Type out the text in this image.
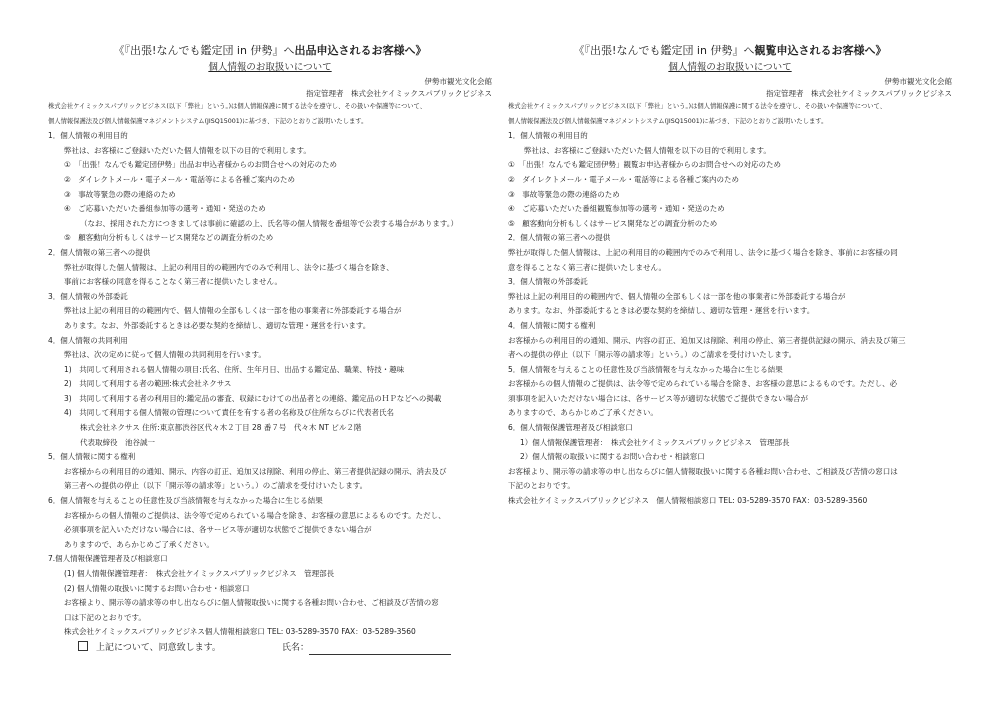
《『出張!なんでも鑑定団 in 伊勢』へ出品申込されるお客様へ》

個人情報のお取扱いについて

伊勢市観光文化会館
指定管理者　株式会社ケイミックスパブリックビジネス
株式会社ケイミックスパブリックビジネス(以下「弊社」という。)は個人情報保護に関する法令を遵守し、その扱いや保護等について、
個人情報保護法及び個人情報保護マネジメントシステム(JISQ15001)に基づき、下記のとおりご説明いたします。
1．個人情報の利用目的
弊社は、お客様にご登録いただいた個人情報を以下の目的で利用します。
①　「出張！なんでも鑑定団伊勢」出品お申込者様からのお問合せへの対応のため
②　ダイレクトメール・電子メール・電話等による各種ご案内のため
③　事故等緊急の際の連絡のため
④　ご応募いただいた番組参加等の選考・通知・発送のため
（なお、採用された方につきましては事前に確認の上、氏名等の個人情報を番組等で公表する場合があります。）
⑤　顧客動向分析もしくはサービス開発などの調査分析のため
2．個人情報の第三者への提供
弊社が取得した個人情報は、上記の利用目的の範囲内でのみで利用し、法令に基づく場合を除き、
事前にお客様の同意を得ることなく第三者に提供いたしません。
3．個人情報の外部委託
弊社は上記の利用目的の範囲内で、個人情報の全部もしくは一部を他の事業者に外部委託する場合が
あります。なお、外部委託するときは必要な契約を締結し、適切な管理・運営を行います。
4．個人情報の共同利用
弊社は、次の定めに従って個人情報の共同利用を行います。
1)　共同して利用される個人情報の項目:氏名、住所、生年月日、出品する鑑定品、職業、特技・趣味
2)　共同して利用する者の範囲:株式会社ネクサス
3)　共同して利用する者の利用目的:鑑定品の審査、収録にむけての出品者との連絡、鑑定品のＨＰなどへの掲載
4)　共同して利用する個人情報の管理について責任を有する者の名称及び住所ならびに代表者氏名
株式会社ネクサス 住所:東京都渋谷区代々木２丁目 28 番７号　代々木 NT ビル２階
代表取締役　池谷誠一
5．個人情報に関する権利
お客様からの利用目的の通知、開示、内容の訂正、追加又は削除、利用の停止、第三者提供記録の開示、消去及び
第三者への提供の停止（以下「開示等の請求等」という。）のご請求を受付けいたします。
6．個人情報を与えることの任意性及び当該情報を与えなかった場合に生じる結果
お客様からの個人情報のご提供は、法令等で定められている場合を除き、お客様の意思によるものです。ただし、
必須事項を記入いただけない場合には、各サービス等が適切な状態でご提供できない場合が
ありますので、あらかじめご了承ください。
7.個人情報保護管理者及び相談窓口
(1) 個人情報保護管理者：　株式会社ケイミックスパブリックビジネス　管理部長
(2) 個人情報の取扱いに関するお問い合わせ・相談窓口
お客様より、開示等の請求等の申し出ならびに個人情報取扱いに関する各種お問い合わせ、ご相談及び苦情の窓
口は下記のとおりです。
株式会社ケイミックスパブリックビジネス個人情報相談窓口 TEL: 03-5289-3570 FAX：03-5289-3560

《『出張!なんでも鑑定団 in 伊勢』へ観覧申込されるお客様へ》

個人情報のお取扱いについて

伊勢市観光文化会館
指定管理者　株式会社ケイミックスパブリックビジネス
株式会社ケイミックスパブリックビジネス(以下「弊社」という。)は個人情報保護に関する法令を遵守し、その扱いや保護等について、
個人情報保護法及び個人情報保護マネジメントシステム(JISQ15001)に基づき、下記のとおりご説明いたします。
1．個人情報の利用目的
弊社は、お客様にご登録いただいた個人情報を以下の目的で利用します。
①　「出張！なんでも鑑定団伊勢」観覧お申込者様からのお問合せへの対応のため
②　ダイレクトメール・電子メール・電話等による各種ご案内のため
③　事故等緊急の際の連絡のため
④　ご応募いただいた番組観覧参加等の選考・通知・発送のため
⑤　顧客動向分析もしくはサービス開発などの調査分析のため
2．個人情報の第三者への提供
弊社が取得した個人情報は、上記の利用目的の範囲内でのみで利用し、法令に基づく場合を除き、事前にお客様の同
意を得ることなく第三者に提供いたしません。
3．個人情報の外部委託
弊社は上記の利用目的の範囲内で、個人情報の全部もしくは一部を他の事業者に外部委託する場合が
あります。なお、外部委託するときは必要な契約を締結し、適切な管理・運営を行います。
4．個人情報に関する権利
お客様からの利用目的の通知、開示、内容の訂正、追加又は削除、利用の停止、第三者提供記録の開示、消去及び第三
者への提供の停止（以下「開示等の請求等」という。）のご請求を受付けいたします。
5．個人情報を与えることの任意性及び当該情報を与えなかった場合に生じる結果
お客様からの個人情報のご提供は、法令等で定められている場合を除き、お客様の意思によるものです。ただし、必
須事項を記入いただけない場合には、各サービス等が適切な状態でご提供できない場合が
ありますので、あらかじめご了承ください。
6．個人情報保護管理者及び相談窓口
1）個人情報保護管理者：　株式会社ケイミックスパブリックビジネス　管理部長
2）個人情報の取扱いに関するお問い合わせ・相談窓口
お客様より、開示等の請求等の申し出ならびに個人情報取扱いに関する各種お問い合わせ、ご相談及び苦情の窓口は
下記のとおりです。
株式会社ケイミックスパブリックビジネス　個人情報相談窓口 TEL: 03-5289-3570 FAX：03-5289-3560
上記について、同意致します。	氏名：
